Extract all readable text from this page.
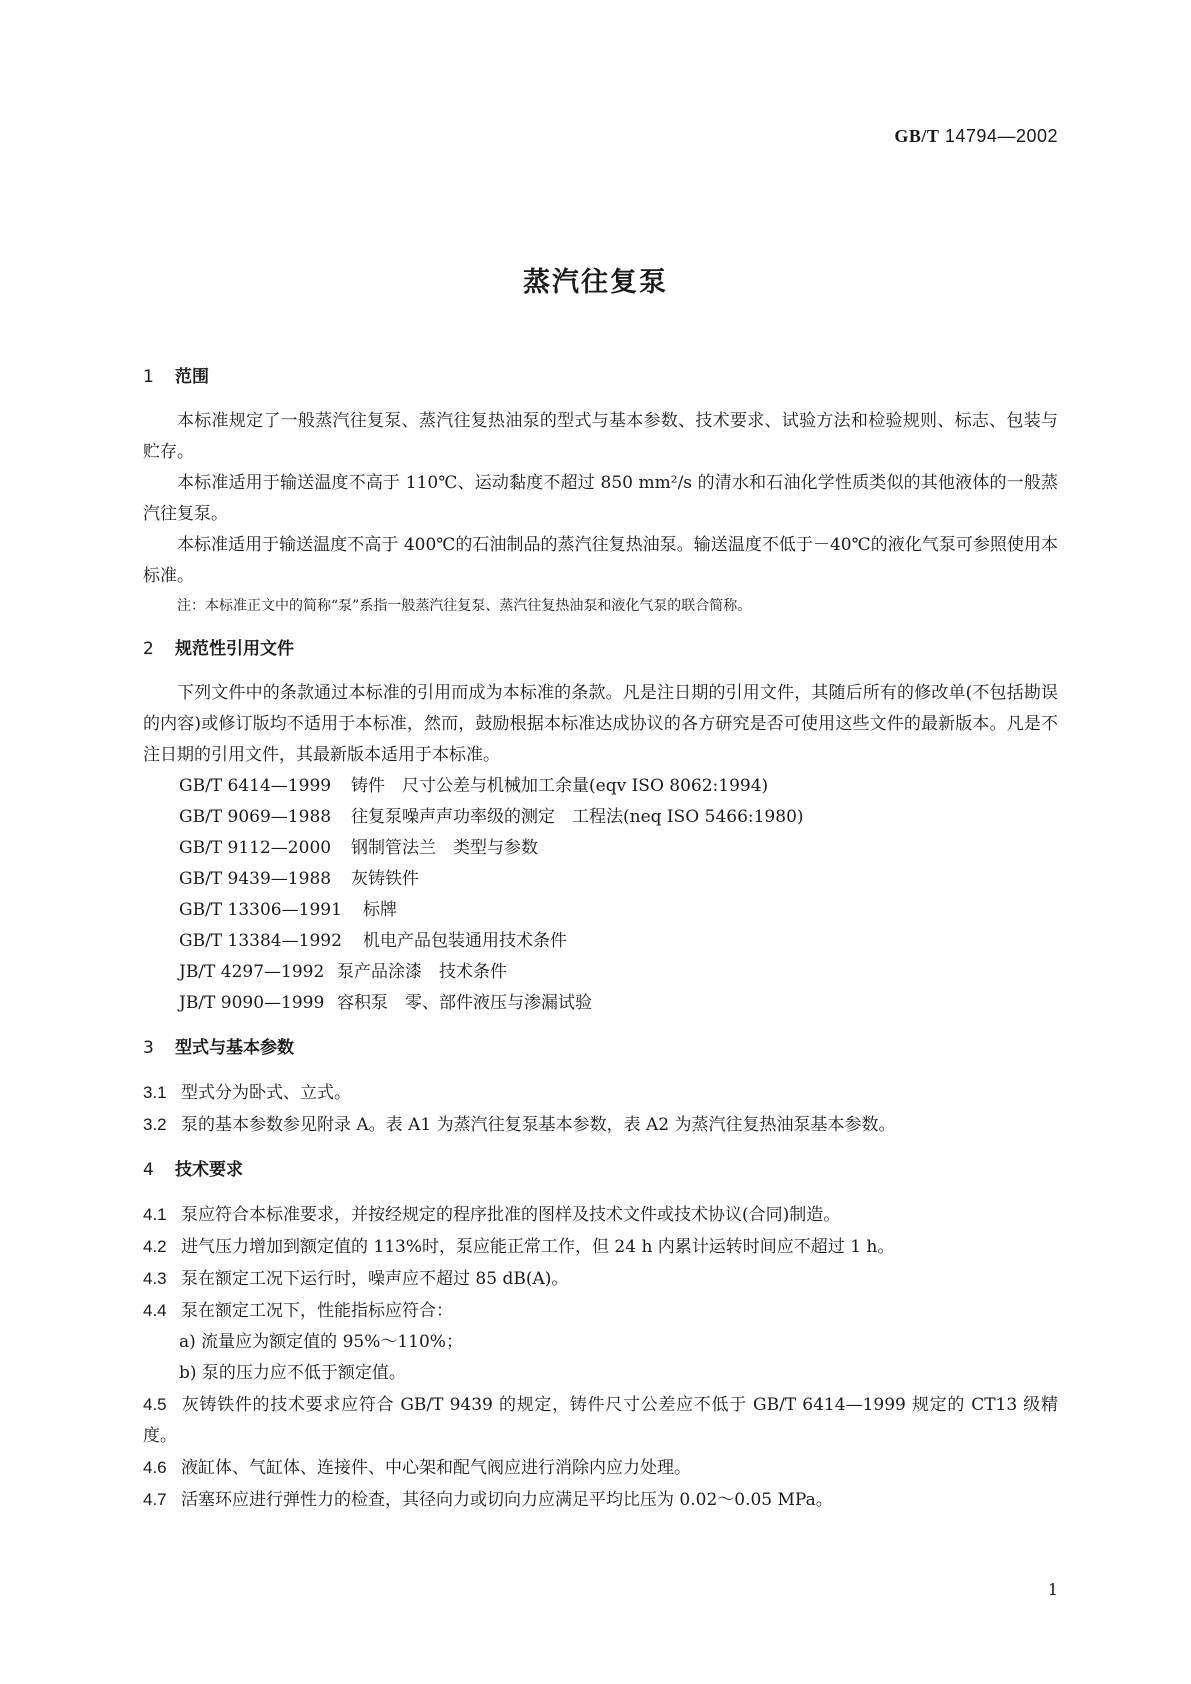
GB/T 14794—2002
蒸汽往复泵
1 范围

本标准规定了一般蒸汽往复泵、蒸汽往复热油泵的型式与基本参数、技术要求、试验方法和检验规则、标志、包装与贮存。

本标准适用于输送温度不高于 110℃、运动黏度不超过 850 mm²/s 的清水和石油化学性质类似的其他液体的一般蒸汽往复泵。

本标准适用于输送温度不高于 400℃的石油制品的蒸汽往复热油泵。输送温度不低于－40℃的液化气泵可参照使用本标准。

注：本标准正文中的简称“泵”系指一般蒸汽往复泵、蒸汽往复热油泵和液化气泵的联合简称。

2 规范性引用文件

下列文件中的条款通过本标准的引用而成为本标准的条款。凡是注日期的引用文件，其随后所有的修改单(不包括勘误的内容)或修订版均不适用于本标准，然而，鼓励根据本标准达成协议的各方研究是否可使用这些文件的最新版本。凡是不注日期的引用文件，其最新版本适用于本标准。

GB/T 6414—1999 铸件　尺寸公差与机械加工余量(eqv ISO 8062:1994)

GB/T 9069—1988 往复泵噪声声功率级的测定　工程法(neq ISO 5466:1980)

GB/T 9112—2000 钢制管法兰　类型与参数

GB/T 9439—1988 灰铸铁件

GB/T 13306—1991 标牌

GB/T 13384—1992 机电产品包装通用技术条件

JB/T 4297—1992 泵产品涂漆　技术条件

JB/T 9090—1999 容积泵　零、部件液压与渗漏试验

3 型式与基本参数

3.1 型式分为卧式、立式。

3.2 泵的基本参数参见附录 A。表 A1 为蒸汽往复泵基本参数，表 A2 为蒸汽往复热油泵基本参数。

4 技术要求

4.1 泵应符合本标准要求，并按经规定的程序批准的图样及技术文件或技术协议(合同)制造。

4.2 进气压力增加到额定值的 113%时，泵应能正常工作，但 24 h 内累计运转时间应不超过 1 h。

4.3 泵在额定工况下运行时，噪声应不超过 85 dB(A)。

4.4 泵在额定工况下，性能指标应符合：

a) 流量应为额定值的 95%～110%；

b) 泵的压力应不低于额定值。

4.5 灰铸铁件的技术要求应符合 GB/T 9439 的规定，铸件尺寸公差应不低于 GB/T 6414—1999 规定的 CT13 级精度。

4.6 液缸体、气缸体、连接件、中心架和配气阀应进行消除内应力处理。

4.7 活塞环应进行弹性力的检查，其径向力或切向力应满足平均比压为 0.02～0.05 MPa。

1
